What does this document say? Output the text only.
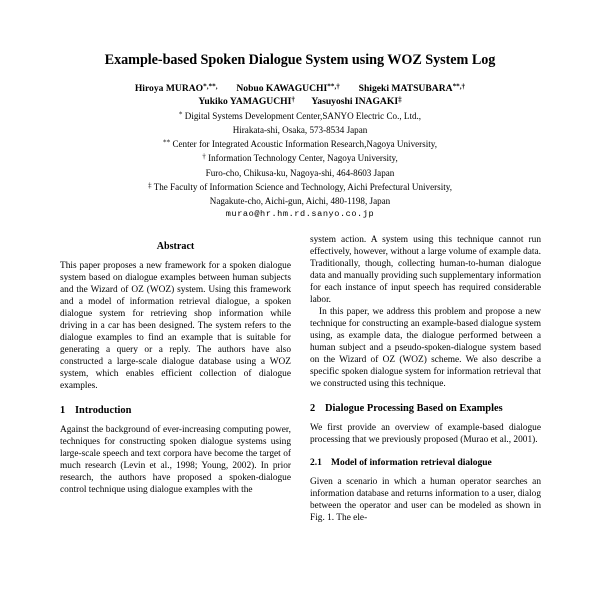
Example-based Spoken Dialogue System using WOZ System Log

Hiroya MURAO*,**, Nobuo KAWAGUCHI**,† Shigeki MATSUBARA**,†

Yukiko YAMAGUCHI† Yasuyoshi INAGAKI‡

* Digital Systems Development Center,SANYO Electric Co., Ltd.,

Hirakata-shi, Osaka, 573-8534 Japan

** Center for Integrated Acoustic Information Research,Nagoya University,

† Information Technology Center, Nagoya University,

Furo-cho, Chikusa-ku, Nagoya-shi, 464-8603 Japan

‡ The Faculty of Information Science and Technology, Aichi Prefectural University,

Nagakute-cho, Aichi-gun, Aichi, 480-1198, Japan

murao@hr.hm.rd.sanyo.co.jp

Abstract

This paper proposes a new framework for a spoken dialogue system based on dialogue examples between human subjects and the Wizard of OZ (WOZ) system. Using this framework and a model of information retrieval dialogue, a spoken dialogue system for retrieving shop information while driving in a car has been designed. The system refers to the dialogue examples to find an example that is suitable for generating a query or a reply. The authors have also constructed a large-scale dialogue database using a WOZ system, which enables efficient collection of dialogue examples.

1 Introduction

Against the background of ever-increasing computing power, techniques for constructing spoken dialogue systems using large-scale speech and text corpora have become the target of much research (Levin et al., 1998; Young, 2002). In prior research, the authors have proposed a spoken-dialogue control technique using dialogue examples with the

system action. A system using this technique cannot run effectively, however, without a large volume of example data. Traditionally, though, collecting human-to-human dialogue data and manually providing such supplementary information for each instance of input speech has required considerable labor.

In this paper, we address this problem and propose a new technique for constructing an example-based dialogue system using, as example data, the dialogue performed between a human subject and a pseudo-spoken-dialogue system based on the Wizard of OZ (WOZ) scheme. We also describe a specific spoken dialogue system for information retrieval that we constructed using this technique.

2 Dialogue Processing Based on Examples

We first provide an overview of example-based dialogue processing that we previously proposed (Murao et al., 2001).

2.1 Model of information retrieval dialogue

Given a scenario in which a human operator searches an information database and returns information to a user, dialog between the operator and user can be modeled as shown in Fig. 1. The ele-
